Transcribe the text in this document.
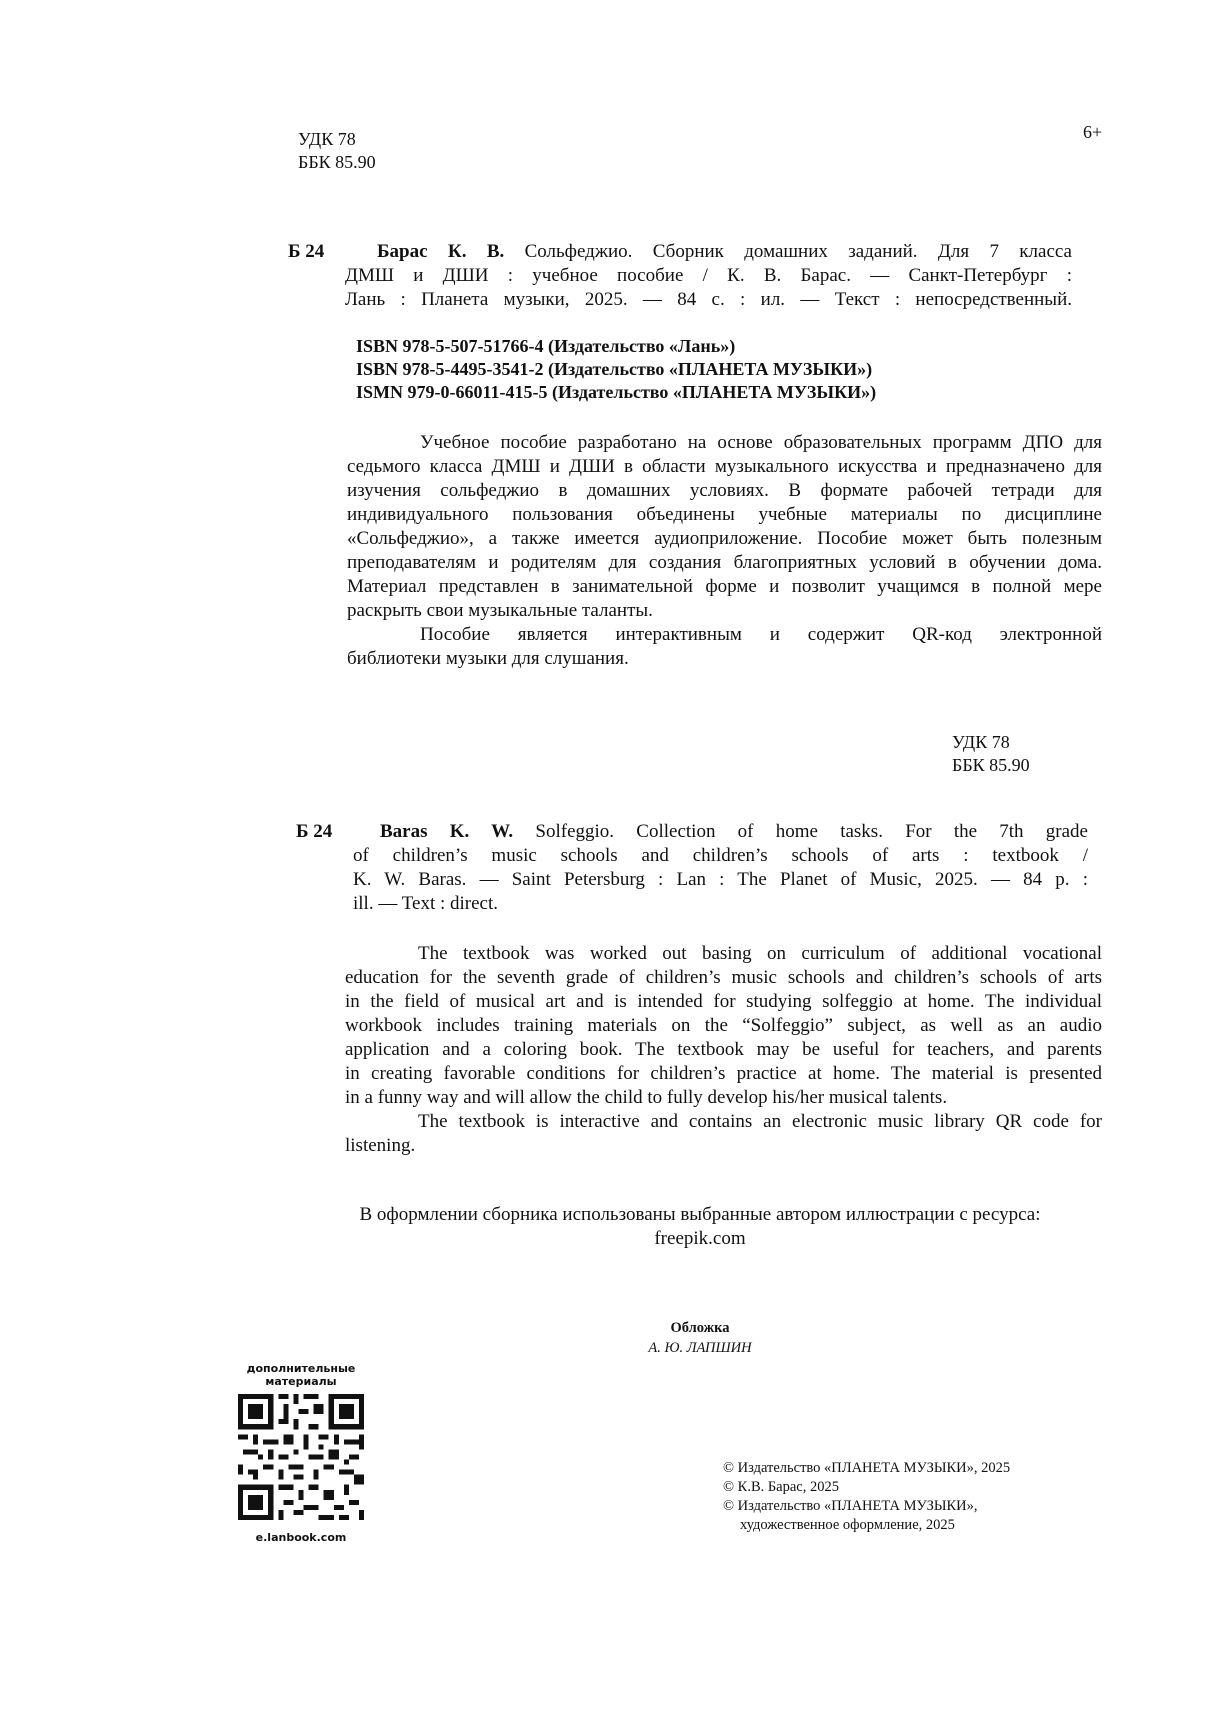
УДК 78
ББК 85.90
6+
Б 24	Барас К. В. Сольфеджио. Сборник домашних заданий. Для 7 класса
ДМШ и ДШИ : учебное пособие / К. В. Барас. — Санкт-Петербург :
Лань : Планета музыки, 2025. — 84 с. : ил. — Текст : непосредственный.
ISBN 978-5-507-51766-4 (Издательство «Лань»)
ISBN 978-5-4495-3541-2 (Издательство «ПЛАНЕТА МУЗЫКИ»)
ISMN 979-0-66011-415-5 (Издательство «ПЛАНЕТА МУЗЫКИ»)
Учебное пособие разработано на основе образовательных программ ДПО для
седьмого класса ДМШ и ДШИ в области музыкального искусства и предназначено для
изучения сольфеджио в домашних условиях. В формате рабочей тетради для
индивидуального пользования объединены учебные материалы по дисциплине
«Сольфеджио», а также имеется аудиоприложение. Пособие может быть полезным
преподавателям и родителям для создания благоприятных условий в обучении дома.
Материал представлен в занимательной форме и позволит учащимся в полной мере
раскрыть свои музыкальные таланты.
Пособие является интерактивным и содержит QR-код электронной
библиотеки музыки для слушания.
УДК 78
ББК 85.90
Б 24	Baras K. W. Solfeggio. Collection of home tasks. For the 7th grade
of children’s music schools and children’s schools of arts : textbook /
K. W. Baras. — Saint Petersburg : Lan : The Planet of Music, 2025. — 84 p. :
ill. — Text : direct.
The textbook was worked out basing on curriculum of additional vocational
education for the seventh grade of children’s music schools and children’s schools of arts
in the field of musical art and is intended for studying solfeggio at home. The individual
workbook includes training materials on the “Solfeggio” subject, as well as an audio
application and a coloring book. The textbook may be useful for teachers, and parents
in creating favorable conditions for children’s practice at home. The material is presented
in a funny way and will allow the child to fully develop his/her musical talents.
The textbook is interactive and contains an electronic music library QR code for
listening.
В оформлении сборника использованы выбранные автором иллюстрации с ресурса:
freepik.com
Обложка
А. Ю. ЛАПШИН
дополнительные
материалы
e.lanbook.com
© Издательство «ПЛАНЕТА МУЗЫКИ», 2025
© К.В. Барас, 2025
© Издательство «ПЛАНЕТА МУЗЫКИ»,
художественное оформление, 2025
